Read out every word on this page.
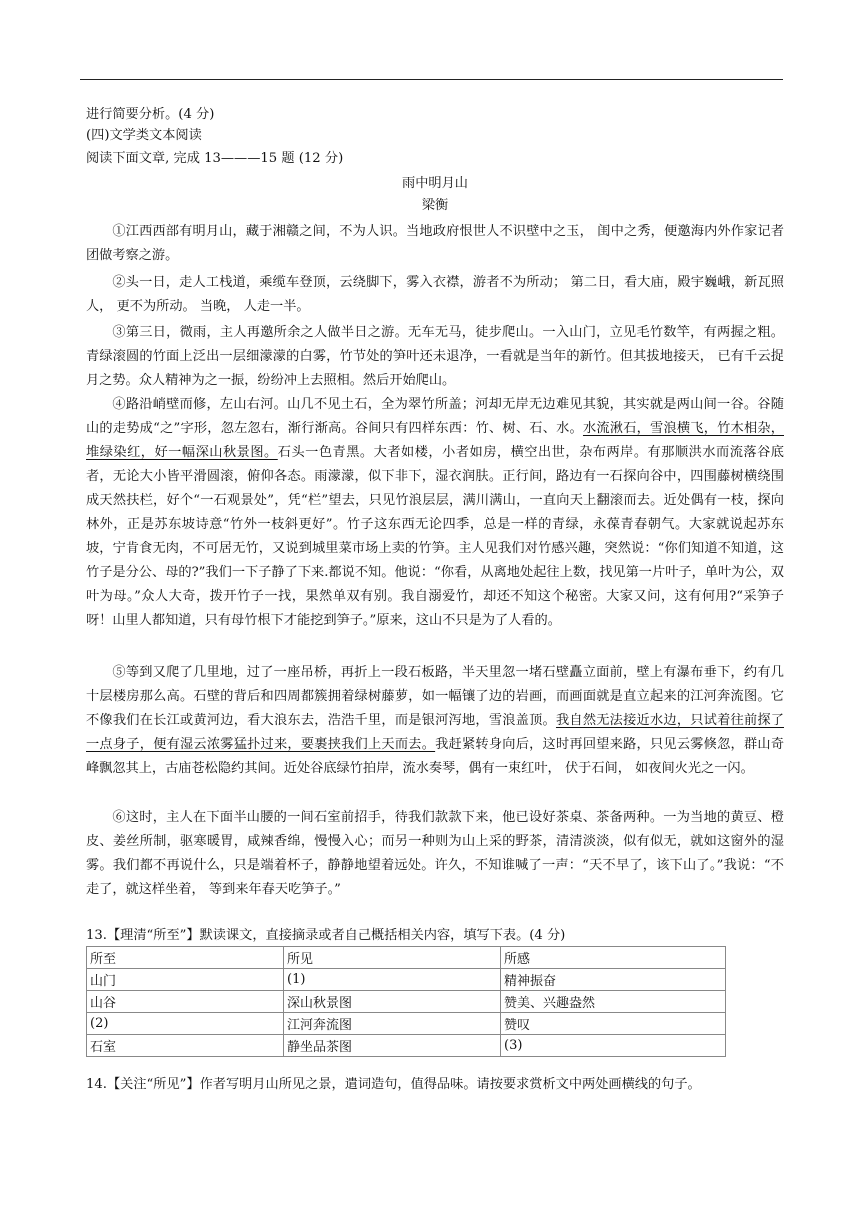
进行简要分析。(4 分)
(四)文学类文本阅读
阅读下面文章, 完成 13———15 题 (12 分)
雨中明月山
梁衡
①江西西部有明月山，藏于湘赣之间，不为人识。当地政府恨世人不识壁中之玉， 闺中之秀，便邀海内外作家记者团做考察之游。
②头一日，走人工栈道，乘缆车登顶，云绕脚下，雾入衣襟，游者不为所动； 第二日，看大庙，殿宇巍峨，新瓦照人， 更不为所动。 当晚， 人走一半。
③第三日，微雨，主人再邀所余之人做半日之游。无车无马，徒步爬山。一入山门，立见毛竹数竿，有两握之粗。青绿滚圆的竹面上泛出一层细濛濛的白雾，竹节处的笋叶还未退净，一看就是当年的新竹。但其拔地接天， 已有千云捉月之势。众人精神为之一振，纷纷冲上去照相。然后开始爬山。
④路沿峭壁而修，左山右河。山几不见土石，全为翠竹所盖；河却无岸无边难见其貌，其实就是两山间一谷。谷随山的走势成“之”字形，忽左忽右，渐行渐高。谷间只有四样东西：竹、树、石、水。水流湫石，雪浪横飞，竹木相杂，堆绿染红，好一幅深山秋景图。石头一色青黑。大者如楼，小者如房，横空出世，杂布两岸。有那顺洪水而流落谷底者，无论大小皆平滑圆滚，俯仰各态。雨濛濛，似下非下，湿衣润肤。正行间，路边有一石探向谷中，四围藤树横绕围成天然扶栏，好个“一石观景处”，凭“栏”望去，只见竹浪层层，满川满山，一直向天上翻滚而去。近处偶有一枝，探向林外，正是苏东坡诗意“竹外一枝斜更好”。竹子这东西无论四季，总是一样的青绿，永葆青春朝气。大家就说起苏东坡，宁肯食无肉，不可居无竹，又说到城里菜市场上卖的竹笋。主人见我们对竹感兴趣，突然说：“你们知道不知道，这竹子是分公、母的?”我们一下子静了下来.都说不知。他说：“你看，从离地处起往上数，找见第一片叶子，单叶为公，双叶为母。”众人大奇，拨开竹子一找，果然单双有别。我自溺爱竹，却还不知这个秘密。大家又问，这有何用?“采笋子呀！山里人都知道，只有母竹根下才能挖到笋子。”原来，这山不只是为了人看的。
⑤等到又爬了几里地，过了一座吊桥，再折上一段石板路，半天里忽一堵石壁矗立面前，壁上有瀑布垂下，约有几十层楼房那么高。石壁的背后和四周都簇拥着绿树藤萝，如一幅镶了边的岩画，而画面就是直立起来的江河奔流图。它不像我们在长江或黄河边，看大浪东去，浩浩千里，而是银河泻地，雪浪盖顶。我自然无法接近水边，只试着往前探了一点身子，便有湿云浓雾猛扑过来，要裹挟我们上天而去。我赶紧转身向后，这时再回望来路，只见云雾倏忽，群山奇峰飘忽其上，古庙苍松隐约其间。近处谷底绿竹拍岸，流水奏琴，偶有一束红叶， 伏于石间， 如夜间火光之一闪。
⑥这时，主人在下面半山腰的一间石室前招手，待我们款款下来，他已设好茶桌、茶备两种。一为当地的黄豆、橙皮、姜丝所制，驱寒暖胃，咸辣香绵，慢慢入心；而另一种则为山上采的野茶，清清淡淡，似有似无，就如这窗外的湿雾。我们都不再说什么，只是端着杯子，静静地望着远处。许久，不知谁喊了一声：“天不早了，该下山了。”我说：“不走了，就这样坐着， 等到来年春天吃笋子。”
13.【理清“所至”】默读课文，直接摘录或者自己概括相关内容，填写下表。(4 分)
所至	所见	所感
山门	(1)	精神振奋
山谷	深山秋景图	赞美、兴趣盎然
(2)	江河奔流图	赞叹
石室	静坐品茶图	(3)
14.【关注“所见”】作者写明月山所见之景，遣词造句，值得品味。请按要求赏析文中两处画横线的句子。
